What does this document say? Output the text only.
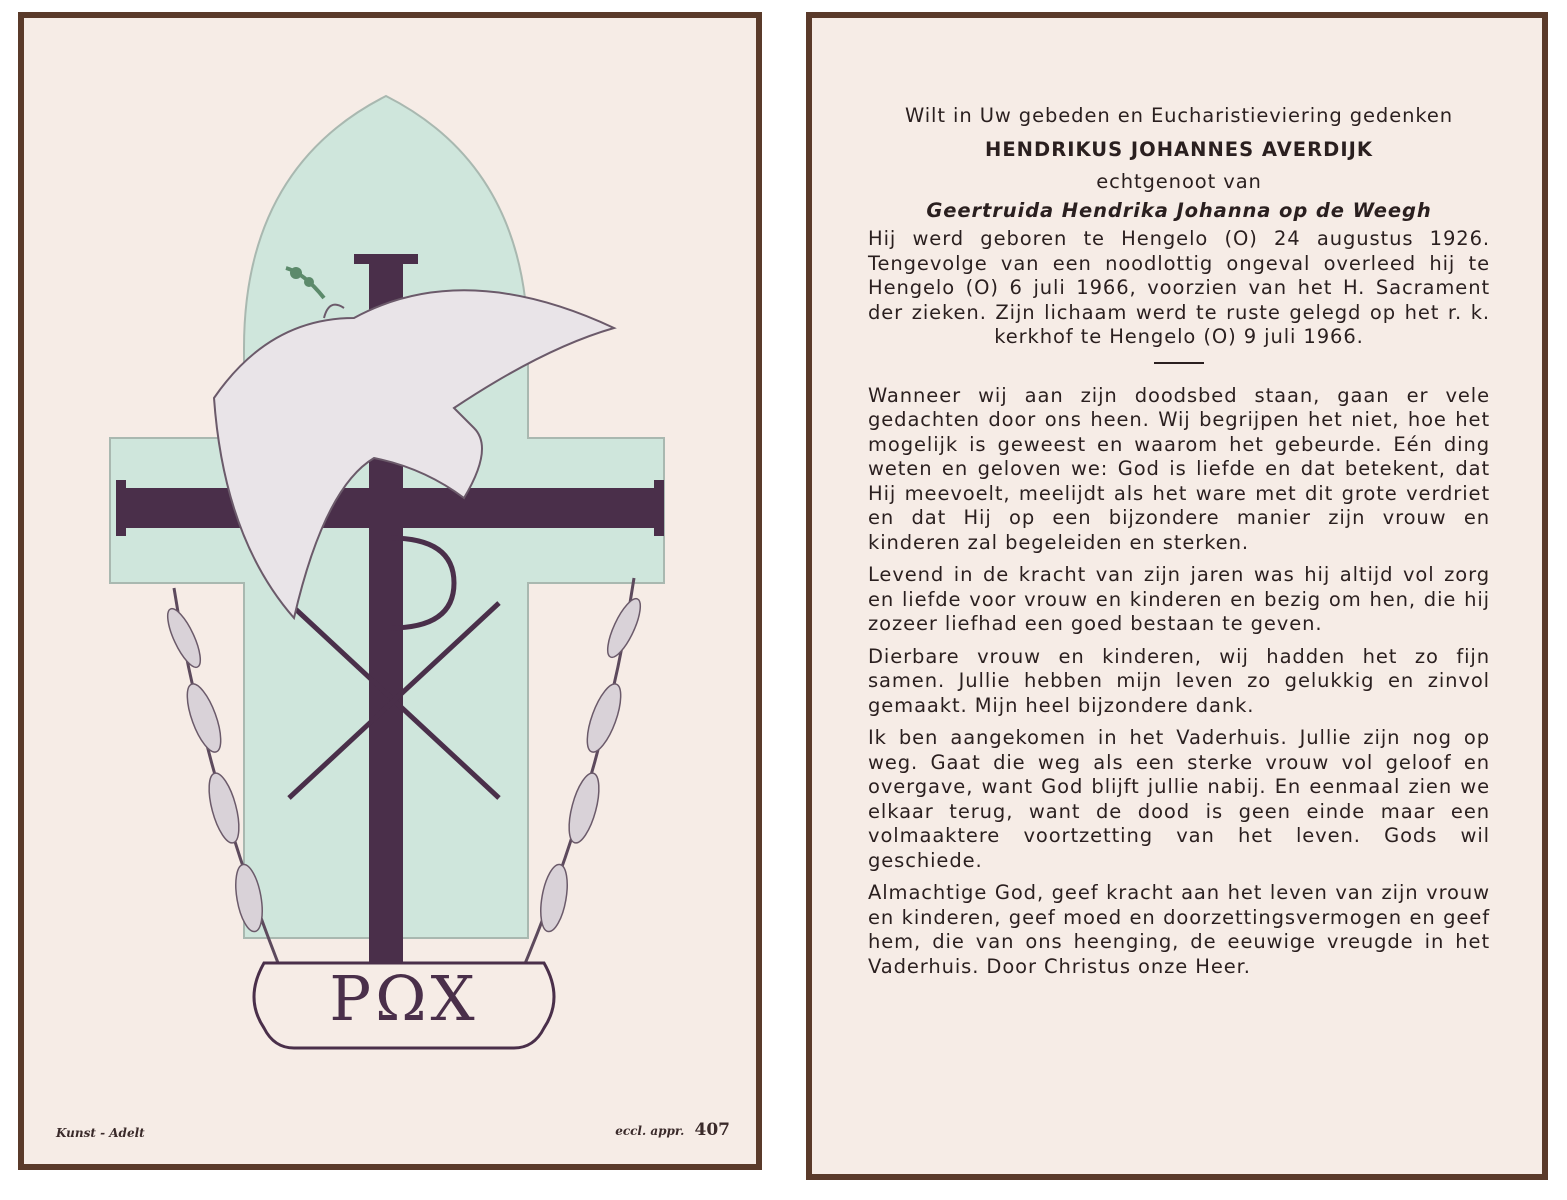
PΩX
Kunst - Adelt	eccl. appr. 407

Wilt in Uw gebeden en Eucharistieviering gedenken

HENDRIKUS JOHANNES AVERDIJK

echtgenoot van

Geertruida Hendrika Johanna op de Weegh

Hij werd geboren te Hengelo (O) 24 augustus 1926. Tengevolge van een noodlottig ongeval overleed hij te Hengelo (O) 6 juli 1966, voorzien van het H. Sacrament der zieken. Zijn lichaam werd te ruste gelegd op het r. k. kerkhof te Hengelo (O) 9 juli 1966.

Wanneer wij aan zijn doodsbed staan, gaan er vele gedachten door ons heen. Wij begrijpen het niet, hoe het mogelijk is geweest en waarom het gebeurde. Eén ding weten en geloven we: God is liefde en dat betekent, dat Hij meevoelt, meelijdt als het ware met dit grote verdriet en dat Hij op een bijzondere manier zijn vrouw en kinderen zal begeleiden en sterken.

Levend in de kracht van zijn jaren was hij altijd vol zorg en liefde voor vrouw en kinderen en bezig om hen, die hij zozeer liefhad een goed bestaan te geven.

Dierbare vrouw en kinderen, wij hadden het zo fijn samen. Jullie hebben mijn leven zo gelukkig en zinvol gemaakt. Mijn heel bijzondere dank.

Ik ben aangekomen in het Vaderhuis. Jullie zijn nog op weg. Gaat die weg als een sterke vrouw vol geloof en overgave, want God blijft jullie nabij. En eenmaal zien we elkaar terug, want de dood is geen einde maar een volmaaktere voortzetting van het leven. Gods wil geschiede.

Almachtige God, geef kracht aan het leven van zijn vrouw en kinderen, geef moed en doorzettingsvermogen en geef hem, die van ons heenging, de eeuwige vreugde in het Vaderhuis. Door Christus onze Heer.
